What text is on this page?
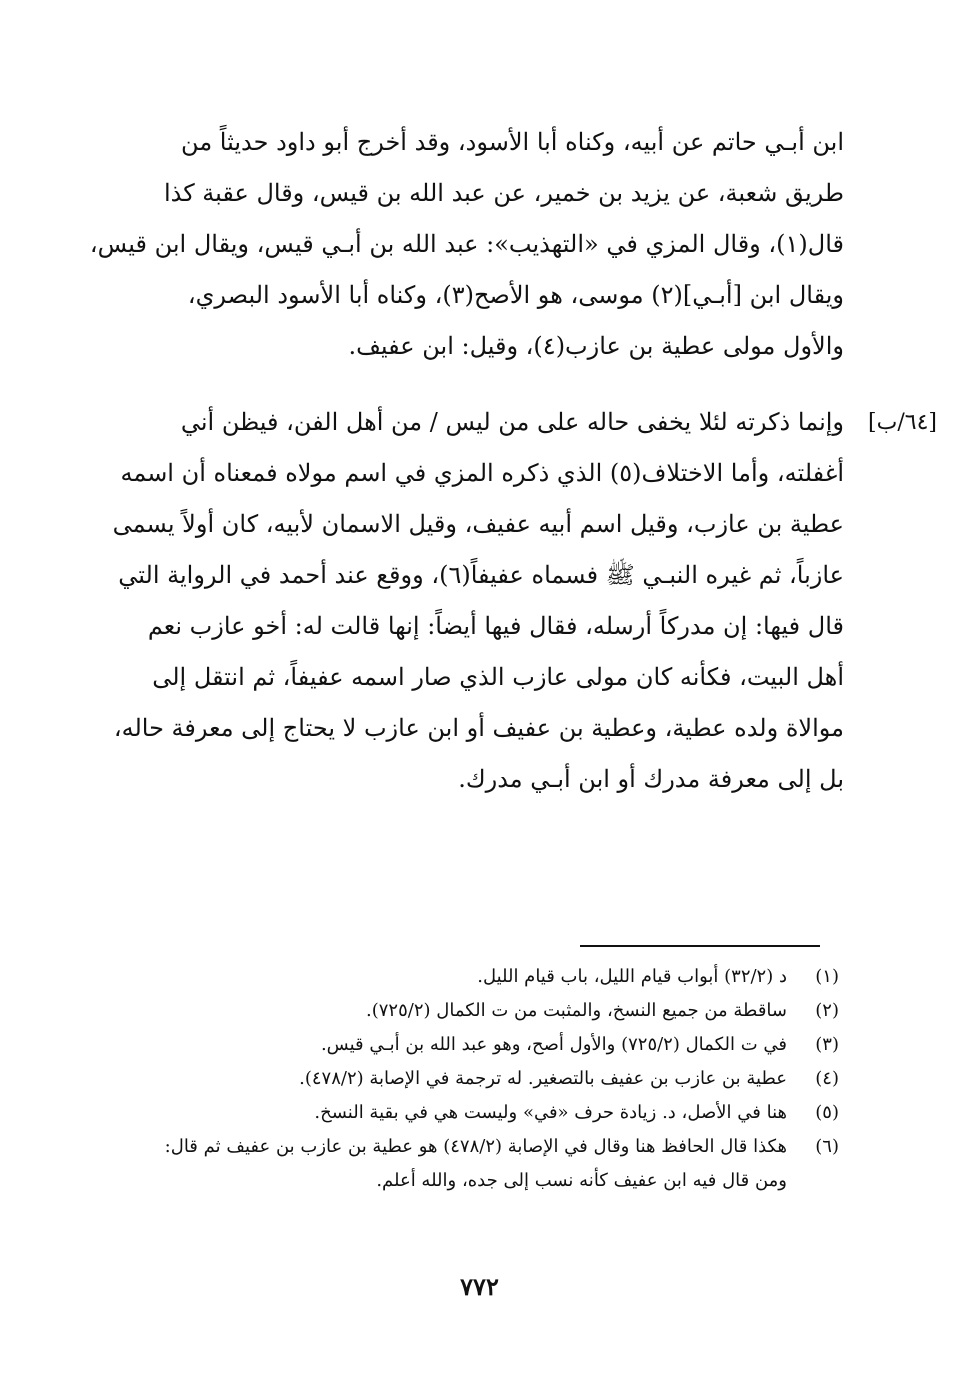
ابن أبـي حاتم عن أبيه، وكناه أبا الأسود، وقد أخرج أبو داود حديثاً من
طريق شعبة، عن يزيد بن خمير، عن عبد الله بن قيس، وقال عقبة كذا
قال(١)، وقال المزي في «التهذيب»: عبد الله بن أبـي قيس، ويقال ابن قيس،
ويقال ابن [أبـي](٢) موسى، هو الأصح(٣)، وكناه أبا الأسود البصري،
والأول مولى عطية بن عازب(٤)، وقيل: ابن عفيف.
[٦٤/ب]
وإنما ذكرته لئلا يخفى حاله على من ليس / من أهل الفن، فيظن أني
أغفلته، وأما الاختلاف(٥) الذي ذكره المزي في اسم مولاه فمعناه أن اسمه
عطية بن عازب، وقيل اسم أبيه عفيف، وقيل الاسمان لأبيه، كان أولاً يسمى
عازباً، ثم غيره النبـي ﷺ فسماه عفيفاً(٦)، ووقع عند أحمد في الرواية التي
قال فيها: إن مدركاً أرسله، فقال فيها أيضاً: إنها قالت له: أخو عازب نعم
أهل البيت، فكأنه كان مولى عازب الذي صار اسمه عفيفاً، ثم انتقل إلى
موالاة ولده عطية، وعطية بن عفيف أو ابن عازب لا يحتاج إلى معرفة حاله،
بل إلى معرفة مدرك أو ابن أبـي مدرك.
(١)
د (٣٢/٢) أبواب قيام الليل، باب قيام الليل.
(٢)
ساقطة من جميع النسخ، والمثبت من ت الكمال (٧٢٥/٢).
(٣)
في ت الكمال (٧٢٥/٢) والأول أصح، وهو عبد الله بن أبـي قيس.
(٤)
عطية بن عازب بن عفيف بالتصغير. له ترجمة في الإصابة (٤٧٨/٢).
(٥)
هنا في الأصل، د. زيادة حرف «في» وليست هي في بقية النسخ.
(٦)
هكذا قال الحافظ هنا وقال في الإصابة (٤٧٨/٢) هو عطية بن عازب بن عفيف ثم قال:
ومن قال فيه ابن عفيف كأنه نسب إلى جده، والله أعلم.
٧٧٢
